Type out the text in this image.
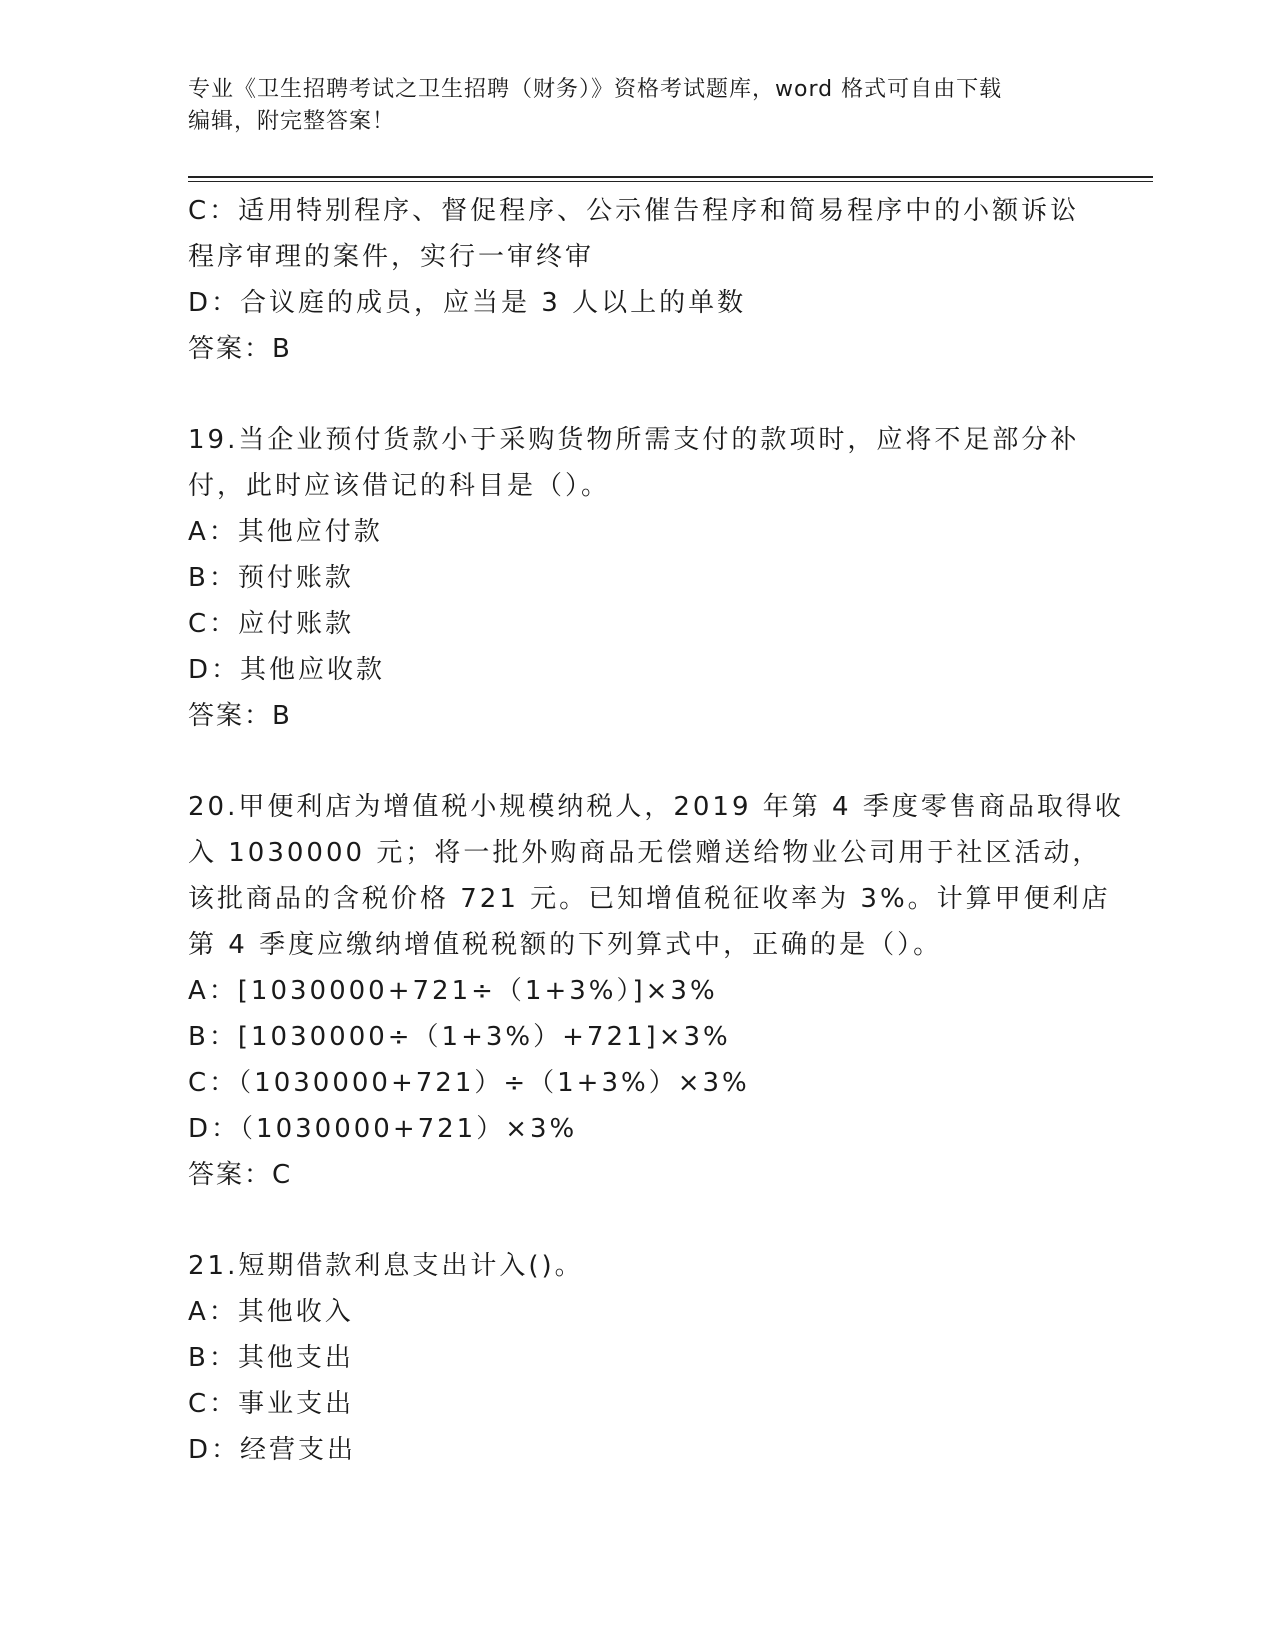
专业《卫生招聘考试之卫生招聘（财务）》资格考试题库，word 格式可自由下载
编辑，附完整答案！
C：适用特别程序、督促程序、公示催告程序和简易程序中的小额诉讼
程序审理的案件，实行一审终审
D：合议庭的成员，应当是 3 人以上的单数
答案：B
19.当企业预付货款小于采购货物所需支付的款项时，应将不足部分补
付，此时应该借记的科目是（）。
A：其他应付款
B：预付账款
C：应付账款
D：其他应收款
答案：B
20.甲便利店为增值税小规模纳税人，2019 年第 4 季度零售商品取得收
入 1030000 元；将一批外购商品无偿赠送给物业公司用于社区活动，
该批商品的含税价格 721 元。已知增值税征收率为 3%。计算甲便利店
第 4 季度应缴纳增值税税额的下列算式中，正确的是（）。
A：[1030000+721÷（1+3%）]×3%
B：[1030000÷（1+3%）+721]×3%
C：（1030000+721）÷（1+3%）×3%
D：（1030000+721）×3%
答案：C
21.短期借款利息支出计入()。
A：其他收入
B：其他支出
C：事业支出
D：经营支出
